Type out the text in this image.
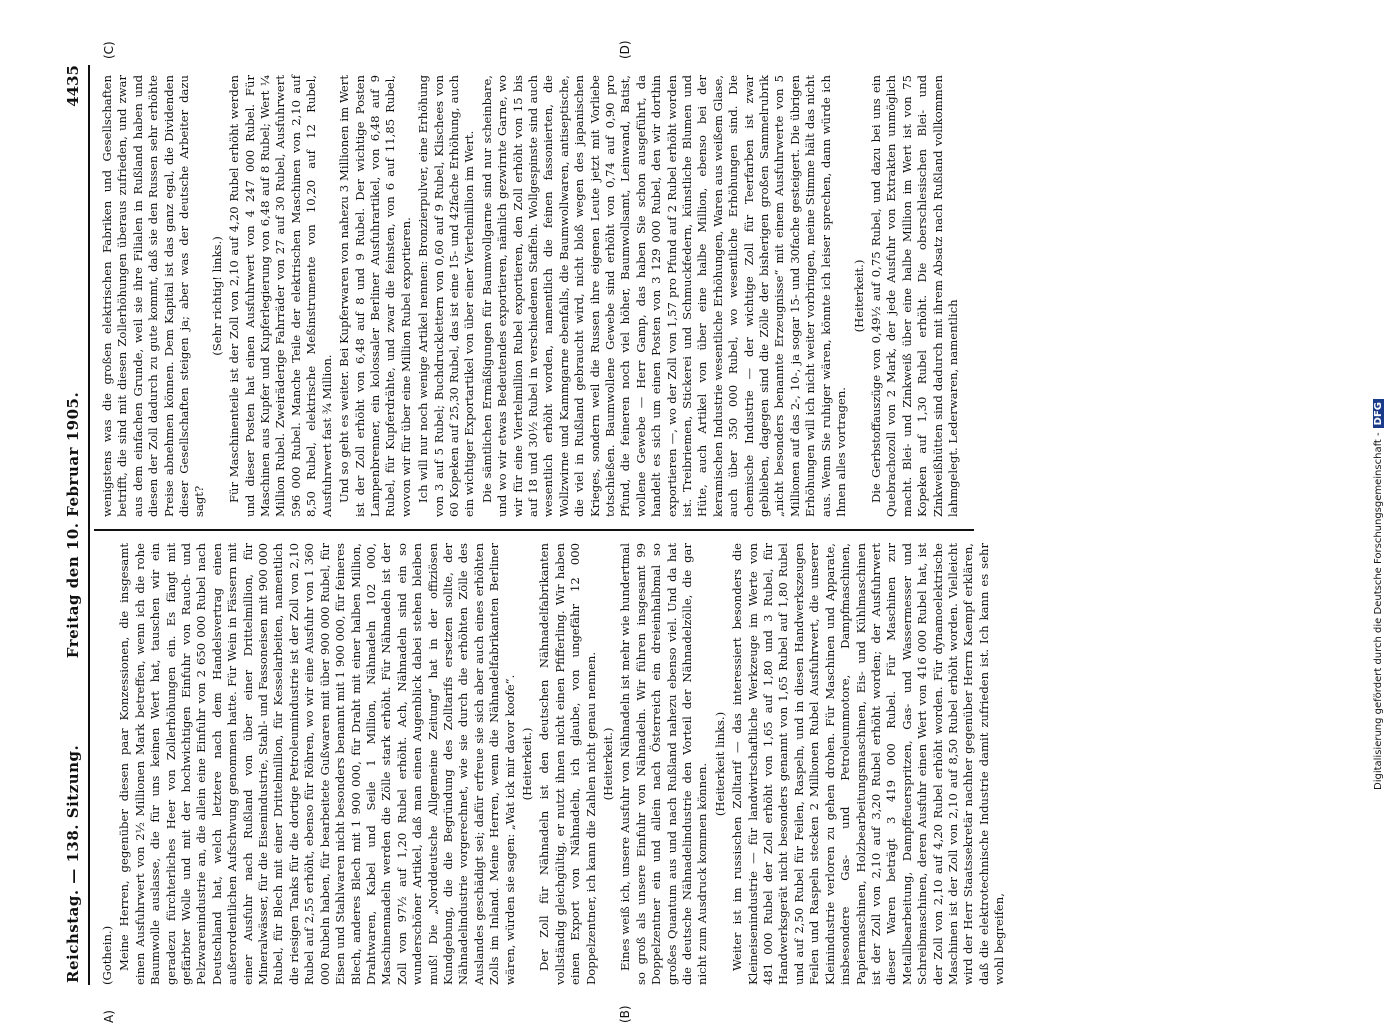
Reichstag. — 138. Sitzung.
Freitag den 10. Februar 1905.
4435
A)	(B)
(C)	(D)

(Gothein.) Meine Herren, gegenüber diesen paar Konzessionen, die insgesamt einen Ausfuhrwert von 2½ Millionen Mark betreffen, wenn ich die rohe Baumwolle auslasse, die für uns keinen Wert hat, tauschen wir ein geradezu fürchterliches Heer von Zollerhöhungen ein. Es fängt mit gefärbter Wolle und mit der hochwichtigen Einfuhr von Rauch- und Pelzwarenindustrie an, die allein eine Einfuhr von 2 650 000 Rubel nach Deutschland hat, welch letztere nach dem Handelsvertrag einen außerordentlichen Aufschwung genommen hatte. Für Wein in Fässern mit einer Ausfuhr nach Rußland von über einer Drittelmillion, für Mineralwässer, für die Eisenindustrie, Stahl- und Fassoneisen mit 900 000 Rubel, für Blech mit einer Drittelmillion, für Kesselarbeiten, namentlich die riesigen Tanks für die dortige Petroleumindustrie ist der Zoll von 2,10 Rubel auf 2,55 erhöht, ebenso für Röhren, wo wir eine Ausfuhr von 1 360 000 Rubeln haben, für bearbeitete Gußwaren mit über 900 000 Rubel, für Eisen und Stahlwaren nicht besonders benannt mit 1 900 000, für feineres Blech, anderes Blech mit 1 900 000, für Draht mit einer halben Million, Drahtwaren, Kabel und Seile 1 Million, Nähnadeln 102 000, Maschinennadeln werden die Zölle stark erhöht. Für Nähnadeln ist der Zoll von 97½ auf 1,20 Rubel erhöht. Ach, Nähnadeln sind ein so wunderschöner Artikel, daß man einen Augenblick dabei stehen bleiben muß! Die „Norddeutsche Allgemeine Zeitung“ hat in der offiziösen Kundgebung, die die Begründung des Zolltarifs ersetzen sollte, der Nähnadelindustrie vorgerechnet, wie sie durch die erhöhten Zölle des Auslandes geschädigt sei; dafür erfreue sie sich aber auch eines erhöhten Zolls im Inland. Meine Herren, wenn die Nähnadelfabrikanten Berliner wären, würden sie sagen: „Wat ick mir davor koofe“. (Heiterkeit.) Der Zoll für Nähnadeln ist den deutschen Nähnadelfabrikanten vollständig gleichgültig, er nutzt ihnen nicht einen Pfifferling. Wir haben einen Export von Nähnadeln, ich glaube, von ungefähr 12 000 Doppelzentner, ich kann die Zahlen nicht genau nennen. (Heiterkeit.) Eines weiß ich, unsere Ausfuhr von Nähnadeln ist mehr wie hundertmal so groß als unsere Einfuhr von Nähnadeln. Wir führen insgesamt 99 Doppelzentner ein und allein nach Österreich ein dreieinhalbmal so großes Quantum aus und nach Rußland nahezu ebenso viel. Und da hat die deutsche Nähnadelindustrie den Vorteil der Nähnadelzölle, die gar nicht zum Ausdruck kommen können. (Heiterkeit links.) Weiter ist im russischen Zolltarif — das interessiert besonders die Kleineisenindustrie — für landwirtschaftliche Werkzeuge im Werte von 481 000 Rubel der Zoll erhöht von 1,65 auf 1,80 und 3 Rubel, für Handwerksgerät nicht besonders genannt von 1,65 Rubel auf 1,80 Rubel und auf 2,50 Rubel für Feilen, Raspeln, und in diesen Handwerkszeugen Feilen und Raspeln stecken 2 Millionen Rubel Ausfuhrwert, die unserer Kleinindustrie verloren zu gehen drohen. Für Maschinen und Apparate, insbesondere Gas- und Petroleummotore, Dampfmaschinen, Papiermaschinen, Holzbearbeitungsmaschinen, Eis- und Kühlmaschinen ist der Zoll von 2,10 auf 3,20 Rubel erhöht worden; der Ausfuhrwert dieser Waren beträgt 3 419 000 Rubel. Für Maschinen zur Metallbearbeitung, Dampffeuerspritzen, Gas- und Wassermesser und Schreibmaschinen, deren Ausfuhr einen Wert von 416 000 Rubel hat, ist der Zoll von 2,10 auf 4,20 Rubel erhöht worden. Für dynamoelektrische Maschinen ist der Zoll von 2,10 auf 8,50 Rubel erhöht worden. Vielleicht wird der Herr Staatssekretär nachher gegenüber Herrn Kaempf erklären, daß die elektrotechnische Industrie damit zufrieden ist. Ich kann es sehr wohl begreifen,

wenigstens was die großen elektrischen Fabriken und Gesellschaften betrifft, die sind mit diesen Zollerhöhungen überaus zufrieden, und zwar aus dem einfachen Grunde, weil sie ihre Filialen in Rußland haben und diesen der Zoll dadurch zu gute kommt, daß sie den Russen sehr erhöhte Preise abnehmen können. Dem Kapital ist das ganz egal, die Dividenden dieser Gesellschaften steigen ja; aber was der deutsche Arbeiter dazu sagt?

(Sehr richtig! links.) Für Maschinenteile ist der Zoll von 2,10 auf 4,20 Rubel erhöht werden und dieser Posten hat einen Ausfuhrwert von 4 247 000 Rubel. Für Maschinen aus Kupfer und Kupferlegierung von 6,48 auf 8 Rubel; Wert ¼ Million Rubel. Zweiräderige Fahrräder von 27 auf 30 Rubel, Ausfuhrwert 596 000 Rubel. Manche Teile der elektrischen Maschinen von 2,10 auf 8,50 Rubel, elektrische Meßinstrumente von 10,20 auf 12 Rubel, Ausfuhrwert fast ¾ Million. Und so geht es weiter. Bei Kupferwaren von nahezu 3 Millionen im Wert ist der Zoll erhöht von 6,48 auf 8 und 9 Rubel. Der wichtige Posten Lampenbrenner, ein kolossaler Berliner Ausfuhrartikel, von 6,48 auf 9 Rubel, für Kupferdrähte, und zwar die feinsten, von 6 auf 11,85 Rubel, wovon wir für über eine Million Rubel exportieren. Ich will nur noch wenige Artikel nennen: Bronzierpulver, eine Erhöhung von 3 auf 5 Rubel; Buchdrucklettern von 0,60 auf 9 Rubel, Klischees von 60 Kopeken auf 25,30 Rubel, das ist eine 15- und 42fache Erhöhung, auch ein wichtiger Exportartikel von über einer Viertelmillion im Wert. Die sämtlichen Ermäßigungen für Baumwollgarne sind nur scheinbare, und wo wir etwas Bedeutendes exportieren, nämlich gezwirnte Garne, wo wir für eine Viertelmillion Rubel exportieren, den Zoll erhöht von 15 bis auf 18 und 30½ Rubel in verschiedenen Staffeln. Wollgespinste sind auch wesentlich erhöht worden, namentlich die feinen fassonierten, die Wollzwirne und Kammgarne ebenfalls, die Baumwollwaren, antiseptische, die viel in Rußland gebraucht wird, nicht bloß wegen des japanischen Krieges, sondern weil die Russen ihre eigenen Leute jetzt mit Vorliebe totschießen. Baumwollene Gewebe sind erhöht von 0,74 auf 0,90 pro Pfund, die feineren noch viel höher, Baumwollsamt, Leinwand, Batist, wollene Gewebe — Herr Gamp, das haben Sie schon ausgeführt, da handelt es sich um einen Posten von 3 129 000 Rubel, den wir dorthin exportieren —, wo der Zoll von 1,57 pro Pfund auf 2 Rubel erhöht worden ist. Treibriemen, Stickerei und Schmuckfedern, künstliche Blumen und Hüte, auch Artikel von über eine halbe Million, ebenso bei der keramischen Industrie wesentliche Erhöhungen, Waren aus weißem Glase, auch über 350 000 Rubel, wo wesentliche Erhöhungen sind. Die chemische Industrie — der wichtige Zoll für Teerfarben ist zwar geblieben, dagegen sind die Zölle der bisherigen großen Sammelrubrik „nicht besonders benannte Erzeugnisse“ mit einem Ausfuhrwerte von 5 Millionen auf das 2-, 10-, ja sogar 15- und 30fache gesteigert. Die übrigen Erhöhungen will ich nicht weiter vorbringen, meine Stimme hält das nicht aus. Wenn Sie ruhiger wären, könnte ich leiser sprechen, dann würde ich Ihnen alles vortragen.

(Heiterkeit.) Die Gerbstoffauszüge von 0,49½ auf 0,75 Rubel, und dazu bei uns ein Quebrachozoll von 2 Mark, der jede Ausfuhr von Extrakten unmöglich macht. Blei- und Zinkweiß über eine halbe Million im Wert ist von 75 Kopeken auf 1,30 Rubel erhöht. Die oberschlesischen Blei- und Zinkweißhütten sind dadurch mit ihrem Absatz nach Rußland vollkommen lahmgelegt. Lederwaren, namentlich

Digitalisierung gefördert durch die Deutsche Forschungsgemeinschaft -DFG
